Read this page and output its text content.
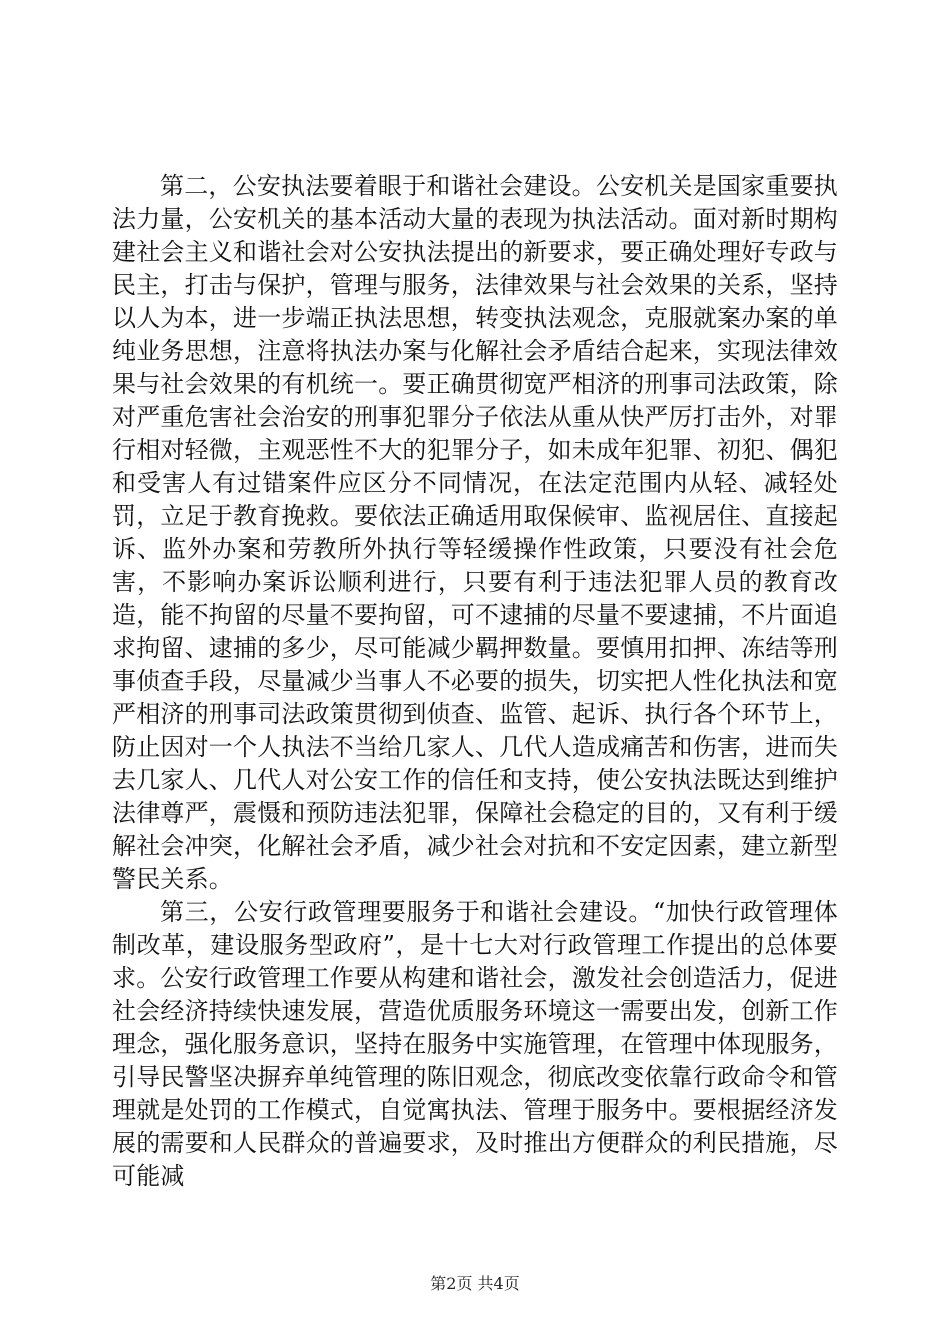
第二，公安执法要着眼于和谐社会建设。公安机关是国家重要执法力量，公安机关的基本活动大量的表现为执法活动。面对新时期构建社会主义和谐社会对公安执法提出的新要求，要正确处理好专政与民主，打击与保护，管理与服务，法律效果与社会效果的关系，坚持以人为本，进一步端正执法思想，转变执法观念，克服就案办案的单纯业务思想，注意将执法办案与化解社会矛盾结合起来，实现法律效果与社会效果的有机统一。要正确贯彻宽严相济的刑事司法政策，除对严重危害社会治安的刑事犯罪分子依法从重从快严厉打击外，对罪行相对轻微，主观恶性不大的犯罪分子，如未成年犯罪、初犯、偶犯和受害人有过错案件应区分不同情况，在法定范围内从轻、减轻处罚，立足于教育挽救。要依法正确适用取保候审、监视居住、直接起诉、监外办案和劳教所外执行等轻缓操作性政策，只要没有社会危害，不影响办案诉讼顺利进行，只要有利于违法犯罪人员的教育改造，能不拘留的尽量不要拘留，可不逮捕的尽量不要逮捕，不片面追求拘留、逮捕的多少，尽可能减少羁押数量。要慎用扣押、冻结等刑事侦查手段，尽量减少当事人不必要的损失，切实把人性化执法和宽严相济的刑事司法政策贯彻到侦查、监管、起诉、执行各个环节上，防止因对一个人执法不当给几家人、几代人造成痛苦和伤害，进而失去几家人、几代人对公安工作的信任和支持，使公安执法既达到维护法律尊严，震慑和预防违法犯罪，保障社会稳定的目的，又有利于缓解社会冲突，化解社会矛盾，减少社会对抗和不安定因素，建立新型警民关系。

第三，公安行政管理要服务于和谐社会建设。“加快行政管理体制改革，建设服务型政府”，是十七大对行政管理工作提出的总体要求。公安行政管理工作要从构建和谐社会，激发社会创造活力，促进社会经济持续快速发展，营造优质服务环境这一需要出发，创新工作理念，强化服务意识，坚持在服务中实施管理，在管理中体现服务，引导民警坚决摒弃单纯管理的陈旧观念，彻底改变依靠行政命令和管理就是处罚的工作模式，自觉寓执法、管理于服务中。要根据经济发展的需要和人民群众的普遍要求，及时推出方便群众的利民措施，尽可能减

第2页 共4页
